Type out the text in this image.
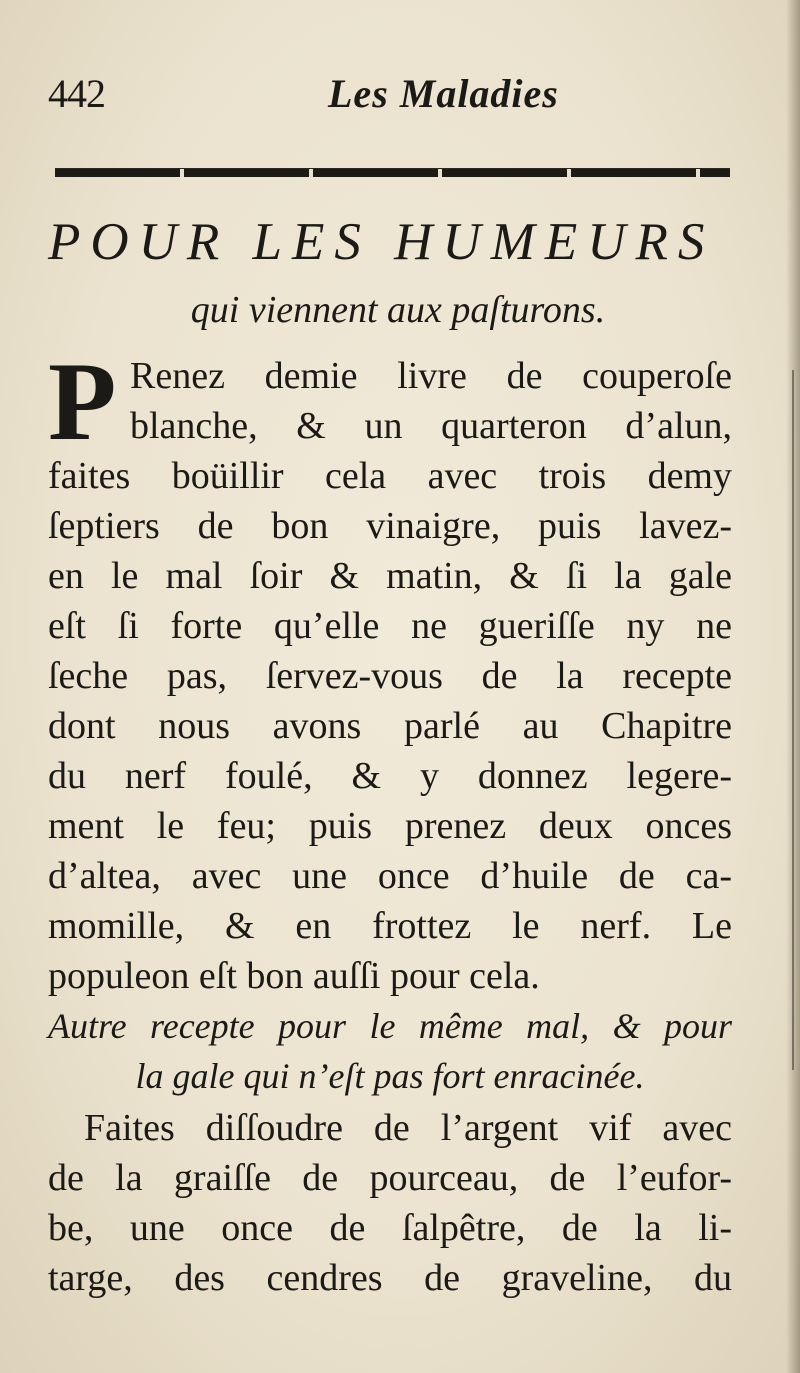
442	Les Maladies
POUR LES HUMEURS
qui viennent aux paſturons.
P Renez demie livre de couperoſe

blanche, & un quarteron d’alun,

faites boüillir cela avec trois demy

ſeptiers de bon vinaigre, puis lavez-

en le mal ſoir & matin, & ſi la gale

eſt ſi forte qu’elle ne gueriſſe ny ne

ſeche pas, ſervez-vous de la recepte

dont nous avons parlé au Chapitre

du nerf foulé, & y donnez legere-

ment le feu; puis prenez deux onces

d’altea, avec une once d’huile de ca-

momille, & en frottez le nerf. Le

populeon eſt bon auſſi pour cela.

Autre recepte pour le même mal, & pour

la gale qui n’eſt pas fort enracinée.

Faites diſſoudre de l’argent vif avec

de la graiſſe de pourceau, de l’eufor-

be, une once de ſalpêtre, de la li-

targe, des cendres de graveline, du
